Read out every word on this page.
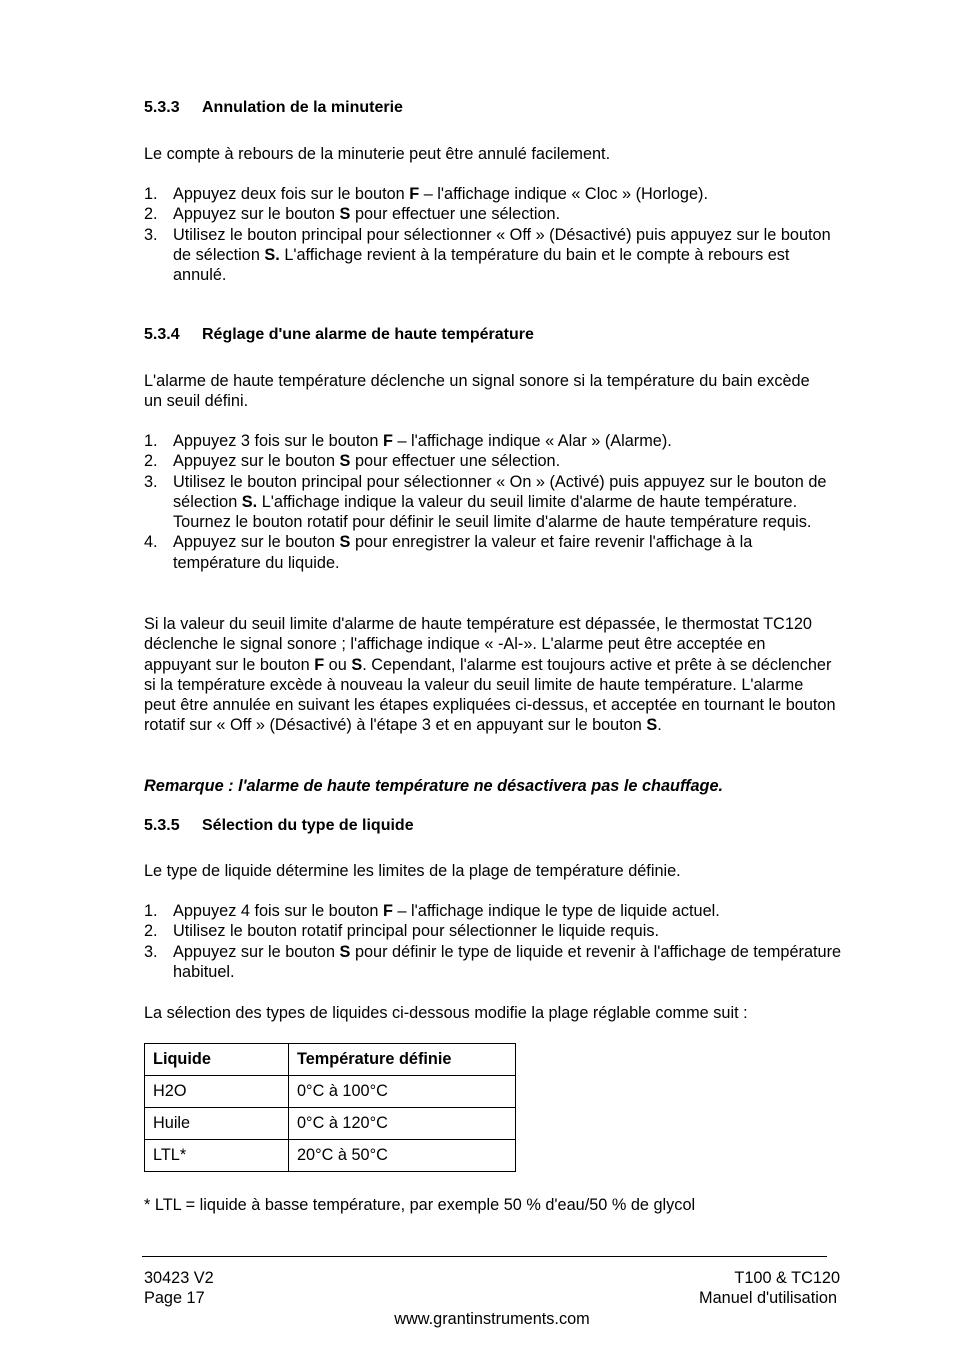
5.3.3 Annulation de la minuterie
Le compte à rebours de la minuterie peut être annulé facilement.
1. Appuyez deux fois sur le bouton F – l'affichage indique « Cloc » (Horloge).
2. Appuyez sur le bouton S pour effectuer une sélection.
3. Utilisez le bouton principal pour sélectionner « Off » (Désactivé) puis appuyez sur le bouton de sélection S. L'affichage revient à la température du bain et le compte à rebours est annulé.
5.3.4 Réglage d'une alarme de haute température
L'alarme de haute température déclenche un signal sonore si la température du bain excède un seuil défini.
1. Appuyez 3 fois sur le bouton F – l'affichage indique « Alar » (Alarme).
2. Appuyez sur le bouton S pour effectuer une sélection.
3. Utilisez le bouton principal pour sélectionner « On » (Activé) puis appuyez sur le bouton de sélection S. L'affichage indique la valeur du seuil limite d'alarme de haute température. Tournez le bouton rotatif pour définir le seuil limite d'alarme de haute température requis.
4. Appuyez sur le bouton S pour enregistrer la valeur et faire revenir l'affichage à la température du liquide.
Si la valeur du seuil limite d'alarme de haute température est dépassée, le thermostat TC120 déclenche le signal sonore ; l'affichage indique « -Al-». L'alarme peut être acceptée en appuyant sur le bouton F ou S. Cependant, l'alarme est toujours active et prête à se déclencher si la température excède à nouveau la valeur du seuil limite de haute température. L'alarme peut être annulée en suivant les étapes expliquées ci-dessus, et acceptée en tournant le bouton rotatif sur « Off » (Désactivé) à l'étape 3 et en appuyant sur le bouton S.
Remarque : l'alarme de haute température ne désactivera pas le chauffage.
5.3.5 Sélection du type de liquide
Le type de liquide détermine les limites de la plage de température définie.
1. Appuyez 4 fois sur le bouton F – l'affichage indique le type de liquide actuel.
2. Utilisez le bouton rotatif principal pour sélectionner le liquide requis.
3. Appuyez sur le bouton S pour définir le type de liquide et revenir à l'affichage de température habituel.
La sélection des types de liquides ci-dessous modifie la plage réglable comme suit :
Liquide	Température définie
H2O	0°C à 100°C
Huile	0°C à 120°C
LTL*	20°C à 50°C
* LTL = liquide à basse température, par exemple 50 % d'eau/50 % de glycol
30423 V2
Page 17
T100 & TC120
Manuel d'utilisation
www.grantinstruments.com
